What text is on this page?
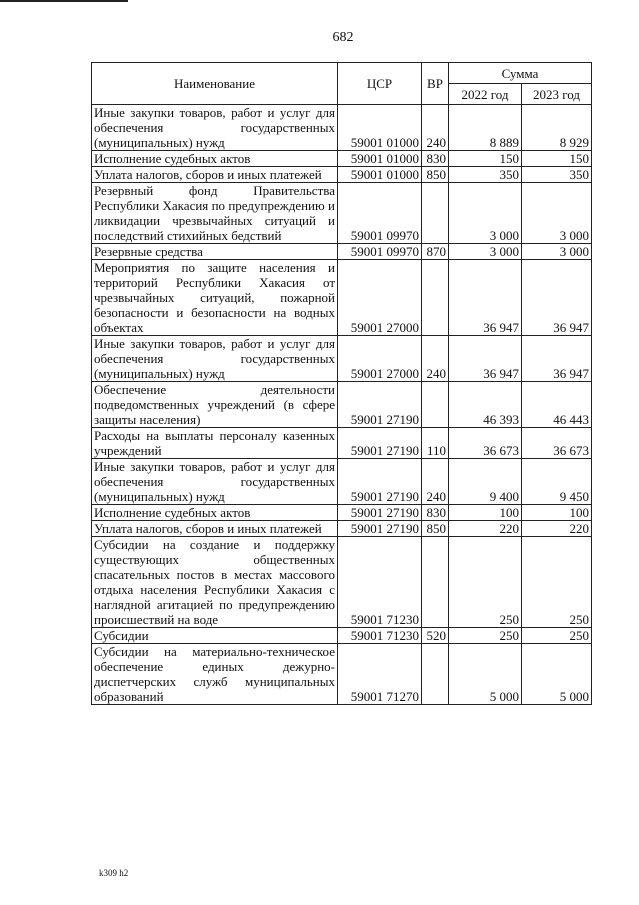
682
Наименование	ЦСР	ВР	Сумма	
			2022 год	2023 год
Иные закупки товаров, работ и услуг для обеспечения государственных (муниципальных) нужд	59001 01000	240	8 889	8 929
Исполнение судебных актов	59001 01000	830	150	150
Уплата налогов, сборов и иных платежей	59001 01000	850	350	350
Резервный фонд Правительства Республики Хакасия по предупреждению и ликвидации чрезвычайных ситуаций и последствий стихийных бедствий	59001 09970		3 000	3 000
Резервные средства	59001 09970	870	3 000	3 000
Мероприятия по защите населения и территорий Республики Хакасия от чрезвычайных ситуаций, пожарной безопасности и безопасности на водных объектах	59001 27000		36 947	36 947
Иные закупки товаров, работ и услуг для обеспечения государственных (муниципальных) нужд	59001 27000	240	36 947	36 947
Обеспечение деятельности подведомственных учреждений (в сфере защиты населения)	59001 27190		46 393	46 443
Расходы на выплаты персоналу казенных учреждений	59001 27190	110	36 673	36 673
Иные закупки товаров, работ и услуг для обеспечения государственных (муниципальных) нужд	59001 27190	240	9 400	9 450
Исполнение судебных актов	59001 27190	830	100	100
Уплата налогов, сборов и иных платежей	59001 27190	850	220	220
Субсидии на создание и поддержку существующих общественных спасательных постов в местах массового отдыха населения Республики Хакасия с наглядной агитацией по предупреждению происшествий на воде	59001 71230		250	250
Субсидии	59001 71230	520	250	250
Субсидии на материально-техническое обеспечение единых дежурно-диспетчерских служб муниципальных образований	59001 71270		5 000	5 000
k309 h2
